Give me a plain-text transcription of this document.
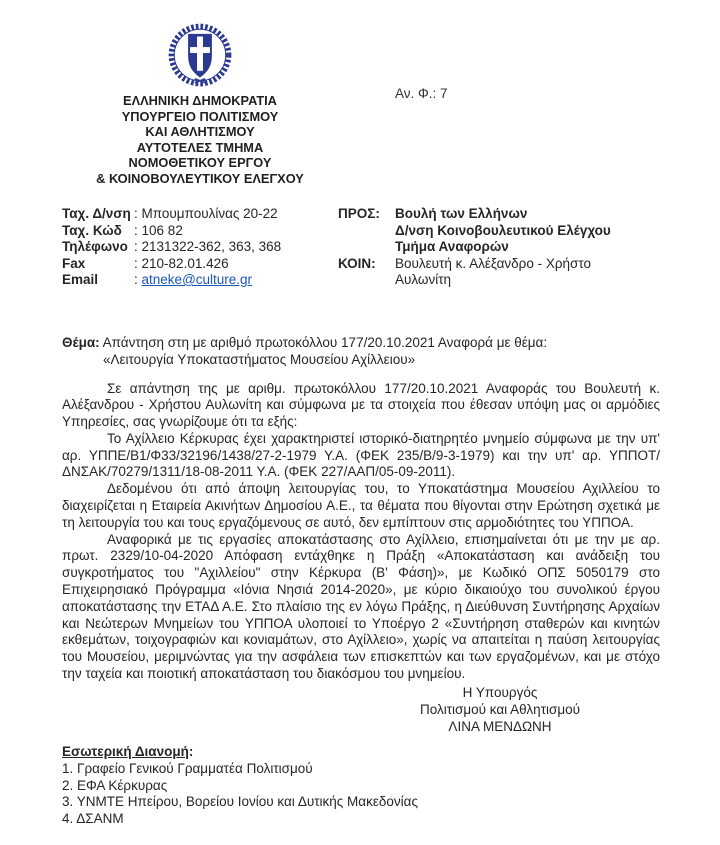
ΕΛΛΗΝΙΚΗ ΔΗΜΟΚΡΑΤΙΑ
ΥΠΟΥΡΓΕΙΟ ΠΟΛΙΤΙΣΜΟΥ
ΚΑΙ ΑΘΛΗΤΙΣΜΟΥ
ΑΥΤΟΤΕΛΕΣ ΤΜΗΜΑ
ΝΟΜΟΘΕΤΙΚΟΥ ΕΡΓΟΥ
& ΚΟΙΝΟΒΟΥΛΕΥΤΙΚΟΥ ΕΛΕΓΧΟΥ
Αν. Φ.: 7
Ταχ. Δ/νση : Μπουμπουλίνας 20-22
Ταχ. Κώδ : 106 82
Τηλέφωνο : 2131322-362, 363, 368
Fax	: 210-82.01.426
Email	: atneke@culture.gr
ΠΡΟΣ:	Βουλή των Ελλήνων
Δ/νση Κοινοβουλευτικού Ελέγχου
Τμήμα Αναφορών
ΚΟΙΝ:	Βουλευτή κ. Αλέξανδρο - Χρήστο
Αυλωνίτη
Θέμα: Απάντηση στη με αριθμό πρωτοκόλλου 177/20.10.2021 Αναφορά με θέμα:
«Λειτουργία Υποκαταστήματος Μουσείου Αχίλλειου»

Σε απάντηση της με αριθμ. πρωτοκόλλου 177/20.10.2021 Αναφοράς του Βουλευτή κ. Αλέξανδρου - Χρήστου Αυλωνίτη και σύμφωνα με τα στοιχεία που έθεσαν υπόψη μας οι αρμόδιες Υπηρεσίες, σας γνωρίζουμε ότι τα εξής:

Το Αχίλλειο Κέρκυρας έχει χαρακτηριστεί ιστορικό-διατηρητέο μνημείο σύμφωνα με την υπ' αρ. ΥΠΠΕ/Β1/Φ33/32196/1438/27-2-1979 Υ.Α. (ΦΕΚ 235/Β/9-3-1979) και την υπ' αρ. ΥΠΠΟΤ/ΔΝΣΑΚ/70279/1311/18-08-2011 Υ.Α. (ΦΕΚ 227/ΑΑΠ/05-09-2011).

Δεδομένου ότι από άποψη λειτουργίας του, το Υποκατάστημα Μουσείου Αχιλλείου το διαχειρίζεται η Εταιρεία Ακινήτων Δημοσίου Α.Ε., τα θέματα που θίγονται στην Ερώτηση σχετικά με τη λειτουργία του και τους εργαζόμενους σε αυτό, δεν εμπίπτουν στις αρμοδιότητες του ΥΠΠΟΑ.

Αναφορικά με τις εργασίες αποκατάστασης στο Αχίλλειο, επισημαίνεται ότι με την με αρ. πρωτ. 2329/10-04-2020 Απόφαση εντάχθηκε η Πράξη «Αποκατάσταση και ανάδειξη του συγκροτήματος του "Αχιλλείου" στην Κέρκυρα (Β' Φάση)», με Κωδικό ΟΠΣ 5050179 στο Επιχειρησιακό Πρόγραμμα «Ιόνια Νησιά 2014-2020», με κύριο δικαιούχο του συνολικού έργου αποκατάστασης την ΕΤΑΔ Α.Ε. Στο πλαίσιο της εν λόγω Πράξης, η Διεύθυνση Συντήρησης Αρχαίων και Νεώτερων Μνημείων του ΥΠΠΟΑ υλοποιεί το Υποέργο 2 «Συντήρηση σταθερών και κινητών εκθεμάτων, τοιχογραφιών και κονιαμάτων, στο Αχίλλειο», χωρίς να απαιτείται η παύση λειτουργίας του Μουσείου, μεριμνώντας για την ασφάλεια των επισκεπτών και των εργαζομένων, και με στόχο την ταχεία και ποιοτική αποκατάσταση του διακόσμου του μνημείου.

Η Υπουργός
Πολιτισμού και Αθλητισμού
ΛΙΝΑ ΜΕΝΔΩΝΗ
Εσωτερική Διανομή:
1. Γραφείο Γενικού Γραμματέα Πολιτισμού
2. ΕΦΑ Κέρκυρας
3. ΥΝΜΤΕ Ηπείρου, Βορείου Ιονίου και Δυτικής Μακεδονίας
4. ΔΣΑΝΜ
